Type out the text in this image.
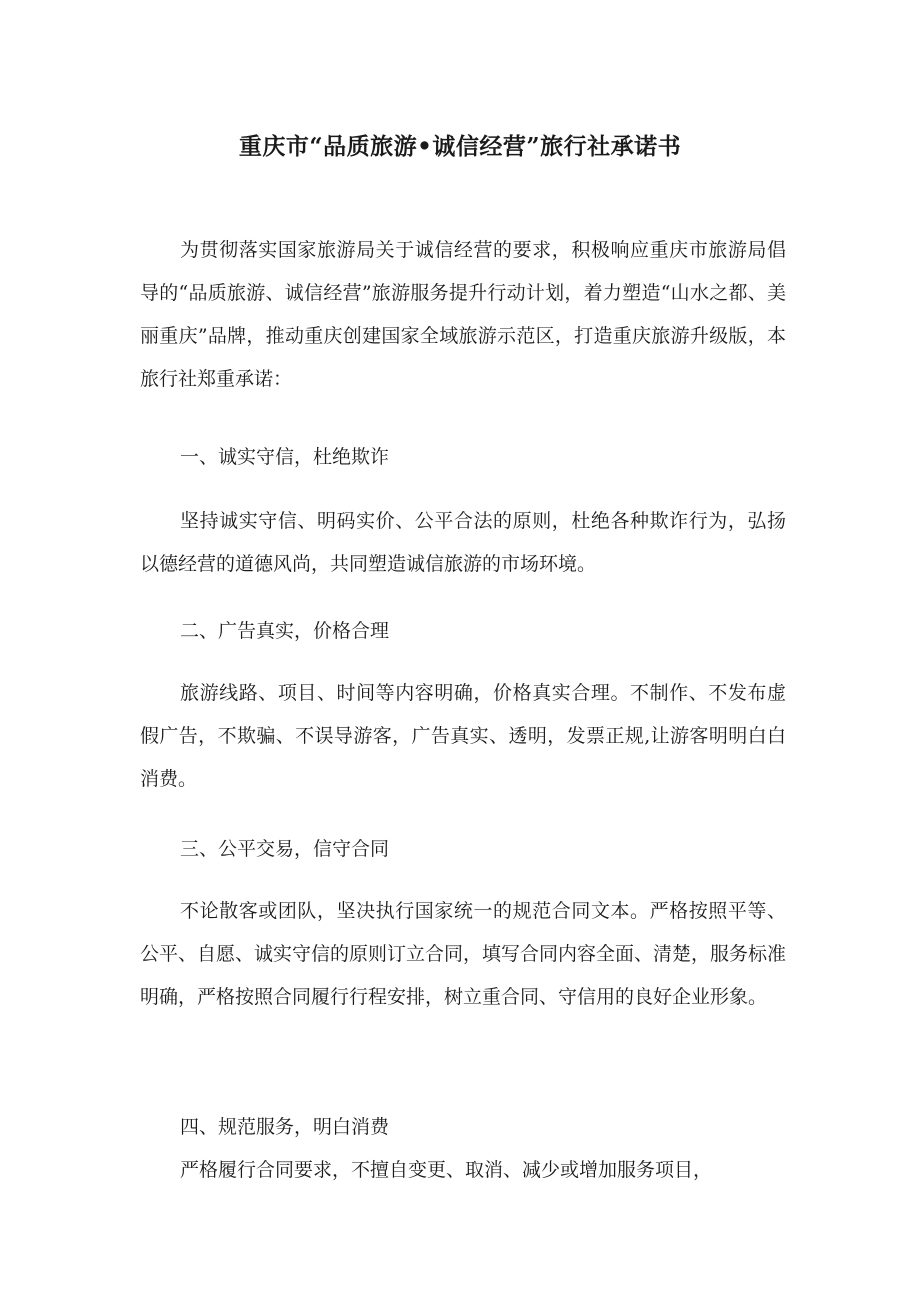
重庆市“品质旅游•诚信经营”旅行社承诺书

为贯彻落实国家旅游局关于诚信经营的要求，积极响应重庆市旅游局倡导的“品质旅游、诚信经营”旅游服务提升行动计划，着力塑造“山水之都、美丽重庆”品牌，推动重庆创建国家全域旅游示范区，打造重庆旅游升级版，本旅行社郑重承诺：

一、诚实守信，杜绝欺诈

坚持诚实守信、明码实价、公平合法的原则，杜绝各种欺诈行为，弘扬以德经营的道德风尚，共同塑造诚信旅游的市场环境。

二、广告真实，价格合理

旅游线路、项目、时间等内容明确，价格真实合理。不制作、不发布虚假广告，不欺骗、不误导游客，广告真实、透明，发票正规,让游客明明白白消费。

三、公平交易，信守合同

不论散客或团队，坚决执行国家统一的规范合同文本。严格按照平等、公平、自愿、诚实守信的原则订立合同，填写合同内容全面、清楚，服务标准明确，严格按照合同履行行程安排，树立重合同、守信用的良好企业形象。

四、规范服务，明白消费

严格履行合同要求，不擅自变更、取消、减少或增加服务项目，
